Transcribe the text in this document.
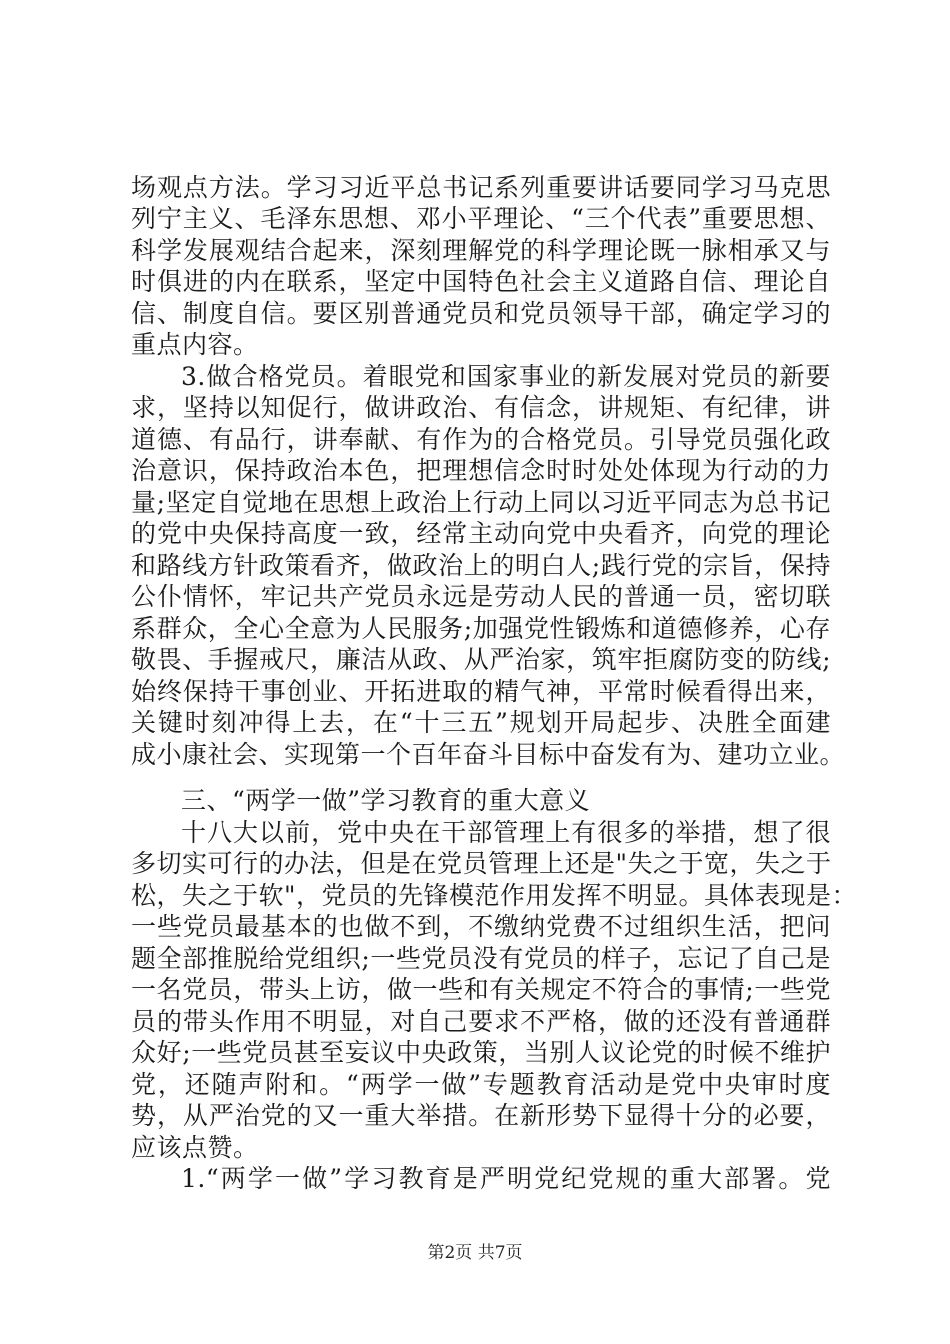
场观点方法。学习习近平总书记系列重要讲话要同学习马克思
列宁主义、毛泽东思想、邓小平理论、“三个代表”重要思想、
科学发展观结合起来，深刻理解党的科学理论既一脉相承又与
时俱进的内在联系，坚定中国特色社会主义道路自信、理论自
信、制度自信。要区别普通党员和党员领导干部，确定学习的
重点内容。
3.做合格党员。着眼党和国家事业的新发展对党员的新要
求，坚持以知促行，做讲政治、有信念，讲规矩、有纪律，讲
道德、有品行，讲奉献、有作为的合格党员。引导党员强化政
治意识，保持政治本色，把理想信念时时处处体现为行动的力
量;坚定自觉地在思想上政治上行动上同以习近平同志为总书记
的党中央保持高度一致，经常主动向党中央看齐，向党的理论
和路线方针政策看齐，做政治上的明白人;践行党的宗旨，保持
公仆情怀，牢记共产党员永远是劳动人民的普通一员，密切联
系群众，全心全意为人民服务;加强党性锻炼和道德修养，心存
敬畏、手握戒尺，廉洁从政、从严治家，筑牢拒腐防变的防线;
始终保持干事创业、开拓进取的精气神，平常时候看得出来，
关键时刻冲得上去，在“十三五”规划开局起步、决胜全面建
成小康社会、实现第一个百年奋斗目标中奋发有为、建功立业。
三、“两学一做”学习教育的重大意义
十八大以前，党中央在干部管理上有很多的举措，想了很
多切实可行的办法，但是在党员管理上还是"失之于宽，失之于
松，失之于软"，党员的先锋模范作用发挥不明显。具体表现是：
一些党员最基本的也做不到，不缴纳党费不过组织生活，把问
题全部推脱给党组织;一些党员没有党员的样子，忘记了自己是
一名党员，带头上访，做一些和有关规定不符合的事情;一些党
员的带头作用不明显，对自己要求不严格，做的还没有普通群
众好;一些党员甚至妄议中央政策，当别人议论党的时候不维护
党，还随声附和。“两学一做”专题教育活动是党中央审时度
势，从严治党的又一重大举措。在新形势下显得十分的必要，
应该点赞。
1.“两学一做”学习教育是严明党纪党规的重大部署。党
第2页 共7页
